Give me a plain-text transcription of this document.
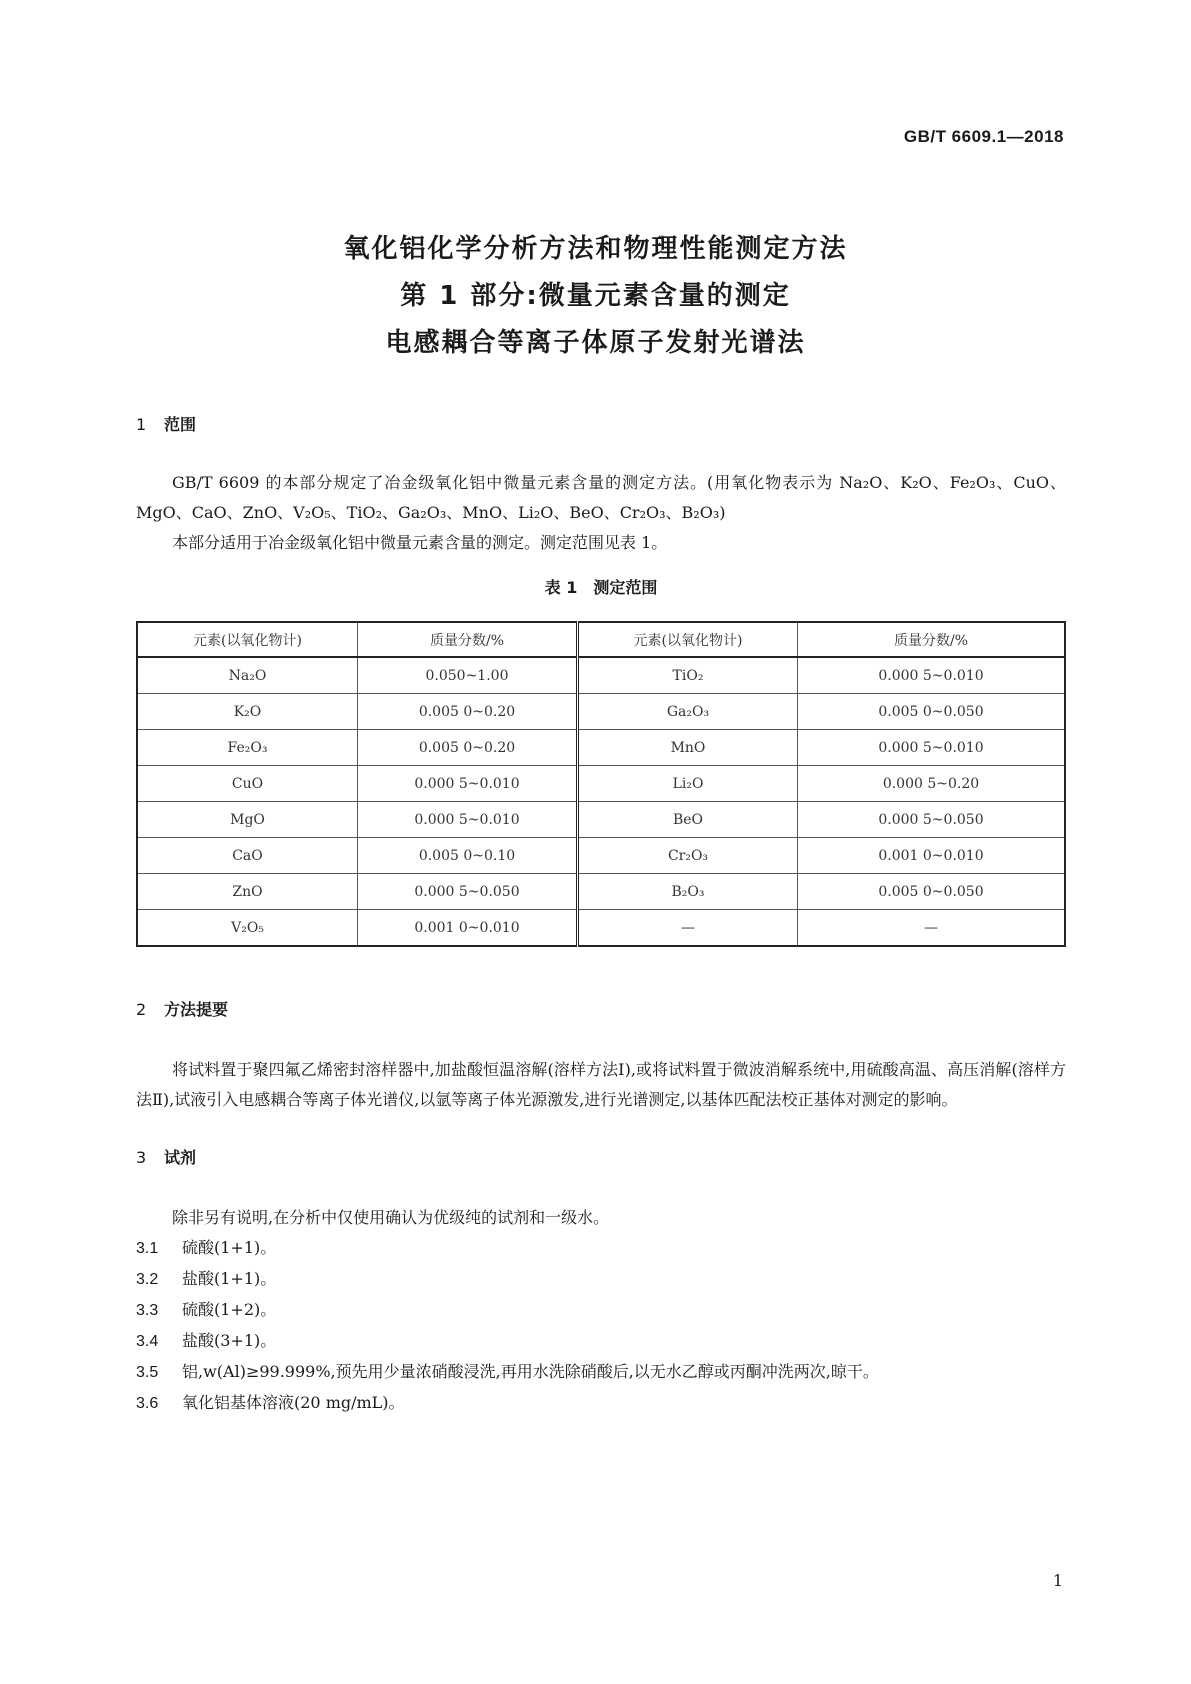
GB/T 6609.1—2018
氧化铝化学分析方法和物理性能测定方法
第 1 部分:微量元素含量的测定
电感耦合等离子体原子发射光谱法
1 范围

GB/T 6609 的本部分规定了冶金级氧化铝中微量元素含量的测定方法。(用氧化物表示为 Na₂O、K₂O、Fe₂O₃、CuO、MgO、CaO、ZnO、V₂O₅、TiO₂、Ga₂O₃、MnO、Li₂O、BeO、Cr₂O₃、B₂O₃)

本部分适用于冶金级氧化铝中微量元素含量的测定。测定范围见表 1。

表 1 测定范围
元素(以氧化物计)	质量分数/%	元素(以氧化物计)	质量分数/%
Na₂O	0.050~1.00	TiO₂	0.000 5~0.010
K₂O	0.005 0~0.20	Ga₂O₃	0.005 0~0.050
Fe₂O₃	0.005 0~0.20	MnO	0.000 5~0.010
CuO	0.000 5~0.010	Li₂O	0.000 5~0.20
MgO	0.000 5~0.010	BeO	0.000 5~0.050
CaO	0.005 0~0.10	Cr₂O₃	0.001 0~0.010
ZnO	0.000 5~0.050	B₂O₃	0.005 0~0.050
V₂O₅	0.001 0~0.010	—	—
2 方法提要

将试料置于聚四氟乙烯密封溶样器中,加盐酸恒温溶解(溶样方法Ⅰ),或将试料置于微波消解系统中,用硫酸高温、高压消解(溶样方法Ⅱ),试液引入电感耦合等离子体光谱仪,以氩等离子体光源激发,进行光谱测定,以基体匹配法校正基体对测定的影响。

3 试剂

除非另有说明,在分析中仅使用确认为优级纯的试剂和一级水。

3.1 硫酸(1+1)。
3.2 盐酸(1+1)。
3.3 硫酸(1+2)。
3.4 盐酸(3+1)。
3.5 铝,w(Al)≥99.999%,预先用少量浓硝酸浸洗,再用水洗除硝酸后,以无水乙醇或丙酮冲洗两次,晾干。
3.6 氧化铝基体溶液(20 mg/mL)。
1
